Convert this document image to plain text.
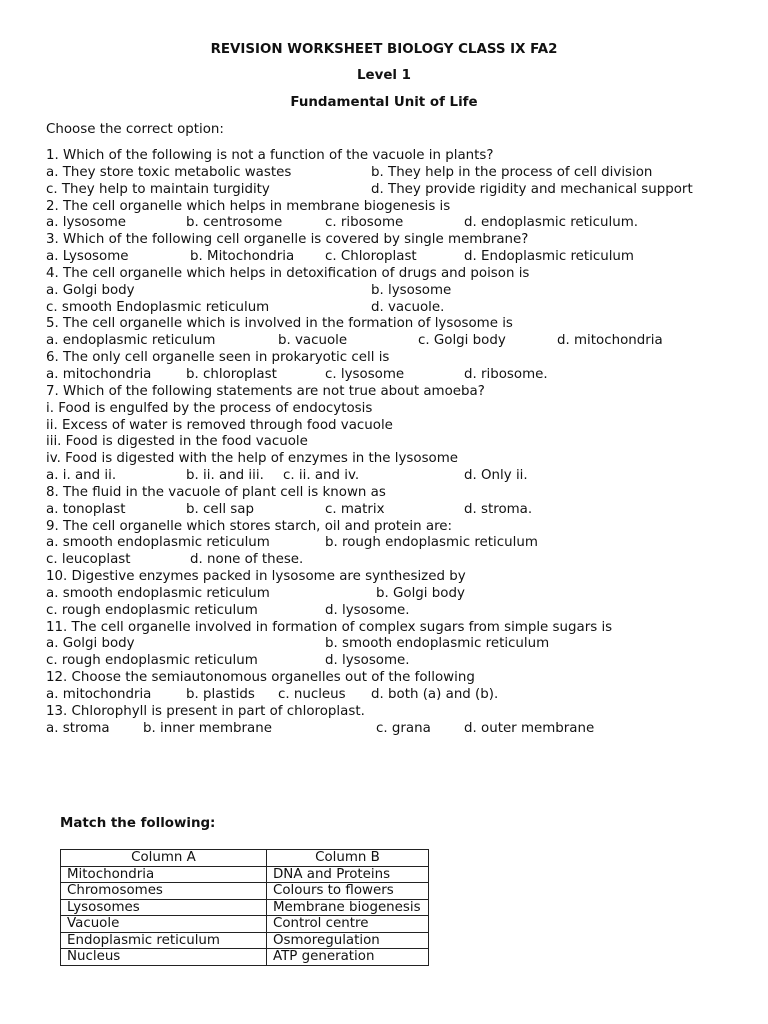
REVISION WORKSHEET BIOLOGY CLASS IX FA2
Level 1
Fundamental Unit of Life
Choose the correct option:
1. Which of the following is not a function of the vacuole in plants?
a. They store toxic metabolic wastes	b. They help in the process of cell division
c. They help to maintain turgidity	d. They provide rigidity and mechanical support
2. The cell organelle which helps in membrane biogenesis is
a. lysosome	b. centrosome	c. ribosome	d. endoplasmic reticulum.
3. Which of the following cell organelle is covered by single membrane?
a. Lysosome	b. Mitochondria c. Chloroplast	d. Endoplasmic reticulum
4. The cell organelle which helps in detoxification of drugs and poison is
a. Golgi body	b. lysosome
c. smooth Endoplasmic reticulum	d. vacuole.
5. The cell organelle which is involved in the formation of lysosome is
a. endoplasmic reticulum	b. vacuole	c. Golgi body	d. mitochondria
6. The only cell organelle seen in prokaryotic cell is
a. mitochondria	b. chloroplast	c. lysosome	d. ribosome.
7. Which of the following statements are not true about amoeba?
i. Food is engulfed by the process of endocytosis
ii. Excess of water is removed through food vacuole
iii. Food is digested in the food vacuole
iv. Food is digested with the help of enzymes in the lysosome
a. i. and ii.	b. ii. and iii. c. ii. and iv.	d. Only ii.
8. The fluid in the vacuole of plant cell is known as
a. tonoplast	b. cell sap	c. matrix	d. stroma.
9. The cell organelle which stores starch, oil and protein are:
a. smooth endoplasmic reticulum	b. rough endoplasmic reticulum
c. leucoplast	d. none of these.
10. Digestive enzymes packed in lysosome are synthesized by
a. smooth endoplasmic reticulum	b. Golgi body
c. rough endoplasmic reticulum	d. lysosome.
11. The cell organelle involved in formation of complex sugars from simple sugars is
a. Golgi body	b. smooth endoplasmic reticulum
c. rough endoplasmic reticulum	d. lysosome.
12. Choose the semiautonomous organelles out of the following
a. mitochondria	b. plastids c. nucleus d. both (a) and (b).
13. Chlorophyll is present in part of chloroplast.
a. stroma b. inner membrane	c. grana d. outer membrane
Match the following:
Column A	Column B
Mitochondria	DNA and Proteins
Chromosomes	Colours to flowers
Lysosomes	Membrane biogenesis
Vacuole	Control centre
Endoplasmic reticulum	Osmoregulation
Nucleus	ATP generation
